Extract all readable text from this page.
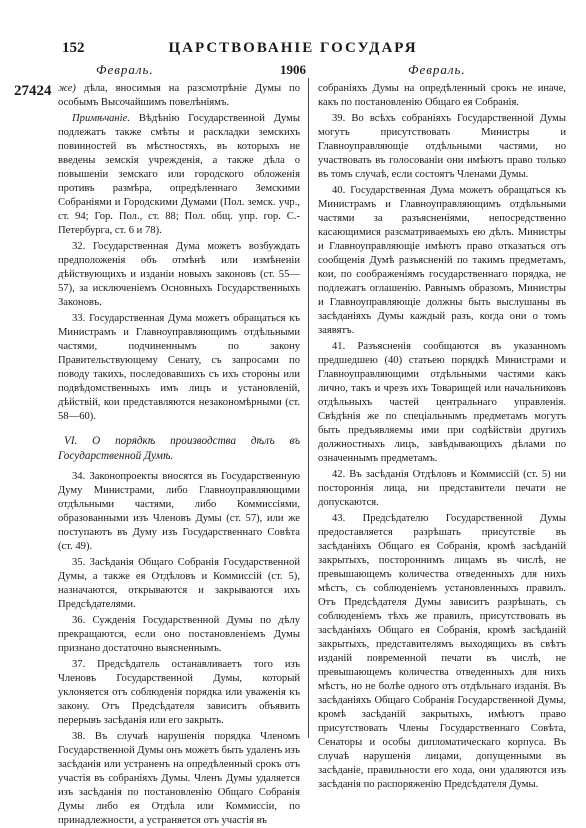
152	ЦАРСТВОВАНІЕ ГОСУДАРЯ
27424
Февраль.	1906	Февраль.

же) дѣла, вносимыя на разсмотрѣніе Думы по особымъ Высочайшимъ повелѣніямъ.

Примѣчаніе. Вѣдѣнію Государственной Думы подлежатъ также смѣты и раскладки земскихъ повинностей въ мѣстностяхъ, въ которыхъ не введены земскія учрежденія, а также дѣла о повышеніи земскаго или городского обложенія противъ размѣра, опредѣленнаго Земскими Собраніями и Городскими Думами (Пол. земск. учр., ст. 94; Гор. Пол., ст. 88; Пол. общ. упр. гор. С.-Петербурга, ст. 6 и 78).

32. Государственная Дума можетъ возбуждать предположенія объ отмѣнѣ или измѣненіи дѣйствующихъ и изданіи новыхъ законовъ (ст. 55—57), за исключеніемъ Основныхъ Государственныхъ Законовъ.

33. Государственная Дума можетъ обращаться къ Министрамъ и Главноуправляющимъ отдѣльными частями, подчиненнымъ по закону Правительствующему Сенату, съ запросами по поводу такихъ, последовавшихъ съ ихъ стороны или подвѣдомственныхъ имъ лицъ и установленій, дѣйствій, кои представляются незакономѣрными (ст. 58—60).

VI. О порядкѣ производства дѣлъ въ Государственной Думѣ.

34. Законопроекты вносятся въ Государственную Думу Министрами, либо Главноуправляющими отдѣльными частями, либо Коммиссіями, образованными изъ Членовъ Думы (ст. 57), или же поступаютъ въ Думу изъ Государственнаго Совѣта (ст. 49).

35. Засѣданія Общаго Собранія Государственной Думы, а также ея Отдѣловъ и Коммиссій (ст. 5), назначаются, открываются и закрываются ихъ Предсѣдателями.

36. Сужденія Государственной Думы по дѣлу прекращаются, если оно постановленіемъ Думы признано достаточно выясненнымъ.

37. Предсѣдатель останавливаетъ того изъ Членовъ Государственной Думы, который уклоняется отъ соблюденія порядка или уваженія къ закону. Отъ Предсѣдателя зависитъ объявить перерывъ засѣданія или его закрыть.

38. Въ случаѣ нарушенія порядка Членомъ Государственной Думы онъ можетъ быть удаленъ изъ засѣданія или устраненъ на опредѣленный срокъ отъ участія въ собраніяхъ Думы. Членъ Думы удаляется изъ засѣданія по постановленію Общаго Собранія Думы либо ея Отдѣла или Коммиссіи, по принадлежности, а устраняется отъ участія въ

собраніяхъ Думы на опредѣленный срокъ не иначе, какъ по постановленію Общаго ея Собранія.

39. Во всѣхъ собраніяхъ Государственной Думы могутъ присутствовать Министры и Главноуправляющіе отдѣльными частями, но участвовать въ голосованіи они имѣютъ право только въ томъ случаѣ, если состоятъ Членами Думы.

40. Государственная Дума можетъ обращаться къ Министрамъ и Главноуправляющимъ отдѣльными частями за разъясненіями, непосредственно касающимися разсматриваемыхъ ею дѣлъ. Министры и Главноуправляющіе имѣютъ право отказаться отъ сообщенія Думѣ разъясненій по такимъ предметамъ, кои, по соображеніямъ государственнаго порядка, не подлежатъ оглашенію. Равнымъ образомъ, Министры и Главноуправляющіе должны быть выслушаны въ засѣданіяхъ Думы каждый разъ, когда они о томъ заявятъ.

41. Разъясненія сообщаются въ указанномъ предшедшею (40) статьею порядкѣ Министрами и Главноуправляющими отдѣльными частями какъ лично, такъ и чрезъ ихъ Товарищей или начальниковъ отдѣльныхъ частей центральнаго управленія. Свѣдѣнія же по спеціальнымъ предметамъ могутъ быть предъявляемы ими при содѣйствіи другихъ должностныхъ лицъ, завѣдывающихъ дѣлами по означеннымъ предметамъ.

42. Въ засѣданія Отдѣловъ и Коммиссій (ст. 5) ни постороннія лица, ни представители печати не допускаются.

43. Предсѣдателю Государственной Думы предоставляется разрѣшать присутствіе въ засѣданіяхъ Общаго ея Собранія, кромѣ засѣданій закрытыхъ, постороннимъ лицамъ въ числѣ, не превышающемъ количества отведенныхъ для нихъ мѣстъ, съ соблюденіемъ установленныхъ правилъ. Отъ Предсѣдателя Думы зависитъ разрѣшать, съ соблюденіемъ тѣхъ же правилъ, присутствовать въ засѣданіяхъ Общаго ея Собранія, кромѣ засѣданій закрытыхъ, представителямъ выходящихъ въ свѣтъ изданій повременной печати въ числѣ, не превышающемъ количества отведенныхъ для нихъ мѣстъ, но не болѣе одного отъ отдѣльнаго изданія. Въ засѣданіяхъ Общаго Собранія Государственной Думы, кромѣ засѣданій закрытыхъ, имѣютъ право присутствовать Члены Государственнаго Совѣта, Сенаторы и особы дипломатическаго корпуса. Въ случаѣ нарушенія лицами, допущенными въ засѣданіе, правильности его хода, они удаляются изъ засѣданія по распоряженію Предсѣдателя Думы.
